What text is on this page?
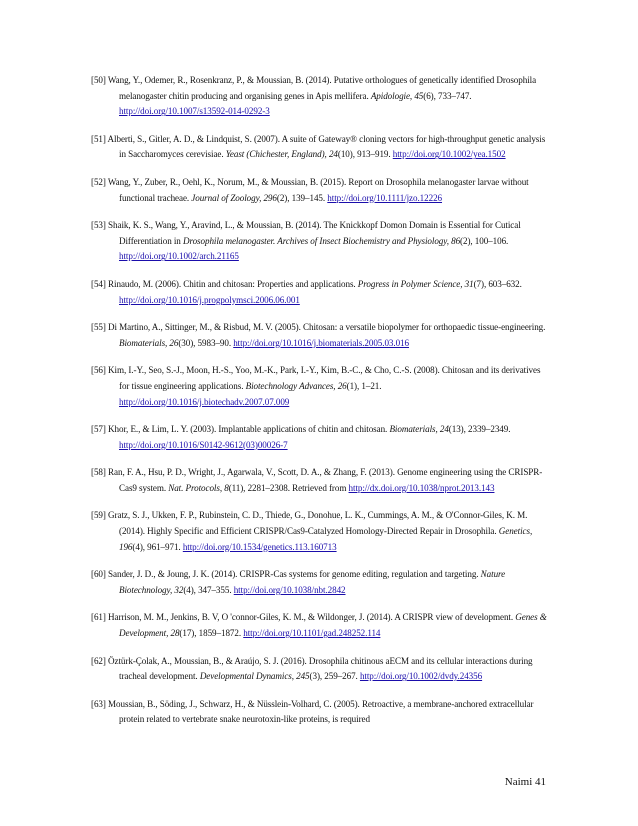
[50] Wang, Y., Odemer, R., Rosenkranz, P., & Moussian, B. (2014). Putative orthologues of genetically identified Drosophila melanogaster chitin producing and organising genes in Apis mellifera. Apidologie, 45(6), 733–747. http://doi.org/10.1007/s13592-014-0292-3

[51] Alberti, S., Gitler, A. D., & Lindquist, S. (2007). A suite of Gateway® cloning vectors for high-throughput genetic analysis in Saccharomyces cerevisiae. Yeast (Chichester, England), 24(10), 913–919. http://doi.org/10.1002/yea.1502

[52] Wang, Y., Zuber, R., Oehl, K., Norum, M., & Moussian, B. (2015). Report on Drosophila melanogaster larvae without functional tracheae. Journal of Zoology, 296(2), 139–145. http://doi.org/10.1111/jzo.12226

[53] Shaik, K. S., Wang, Y., Aravind, L., & Moussian, B. (2014). The Knickkopf Domon Domain is Essential for Cutical Differentiation in Drosophila melanogaster. Archives of Insect Biochemistry and Physiology, 86(2), 100–106. http://doi.org/10.1002/arch.21165

[54] Rinaudo, M. (2006). Chitin and chitosan: Properties and applications. Progress in Polymer Science, 31(7), 603–632. http://doi.org/10.1016/j.progpolymsci.2006.06.001

[55] Di Martino, A., Sittinger, M., & Risbud, M. V. (2005). Chitosan: a versatile biopolymer for orthopaedic tissue-engineering. Biomaterials, 26(30), 5983–90. http://doi.org/10.1016/j.biomaterials.2005.03.016

[56] Kim, I.-Y., Seo, S.-J., Moon, H.-S., Yoo, M.-K., Park, I.-Y., Kim, B.-C., & Cho, C.-S. (2008). Chitosan and its derivatives for tissue engineering applications. Biotechnology Advances, 26(1), 1–21. http://doi.org/10.1016/j.biotechadv.2007.07.009

[57] Khor, E., & Lim, L. Y. (2003). Implantable applications of chitin and chitosan. Biomaterials, 24(13), 2339–2349. http://doi.org/10.1016/S0142-9612(03)00026-7

[58] Ran, F. A., Hsu, P. D., Wright, J., Agarwala, V., Scott, D. A., & Zhang, F. (2013). Genome engineering using the CRISPR-Cas9 system. Nat. Protocols, 8(11), 2281–2308. Retrieved from http://dx.doi.org/10.1038/nprot.2013.143

[59] Gratz, S. J., Ukken, F. P., Rubinstein, C. D., Thiede, G., Donohue, L. K., Cummings, A. M., & O'Connor-Giles, K. M. (2014). Highly Specific and Efficient CRISPR/Cas9-Catalyzed Homology-Directed Repair in Drosophila. Genetics, 196(4), 961–971. http://doi.org/10.1534/genetics.113.160713

[60] Sander, J. D., & Joung, J. K. (2014). CRISPR-Cas systems for genome editing, regulation and targeting. Nature Biotechnology, 32(4), 347–355. http://doi.org/10.1038/nbt.2842

[61] Harrison, M. M., Jenkins, B. V, O 'connor-Giles, K. M., & Wildonger, J. (2014). A CRISPR view of development. Genes & Development, 28(17), 1859–1872. http://doi.org/10.1101/gad.248252.114

[62] Öztürk-Çolak, A., Moussian, B., & Araújo, S. J. (2016). Drosophila chitinous aECM and its cellular interactions during tracheal development. Developmental Dynamics, 245(3), 259–267. http://doi.org/10.1002/dvdy.24356

[63] Moussian, B., Söding, J., Schwarz, H., & Nüsslein-Volhard, C. (2005). Retroactive, a membrane-anchored extracellular protein related to vertebrate snake neurotoxin-like proteins, is required

Naimi 41
